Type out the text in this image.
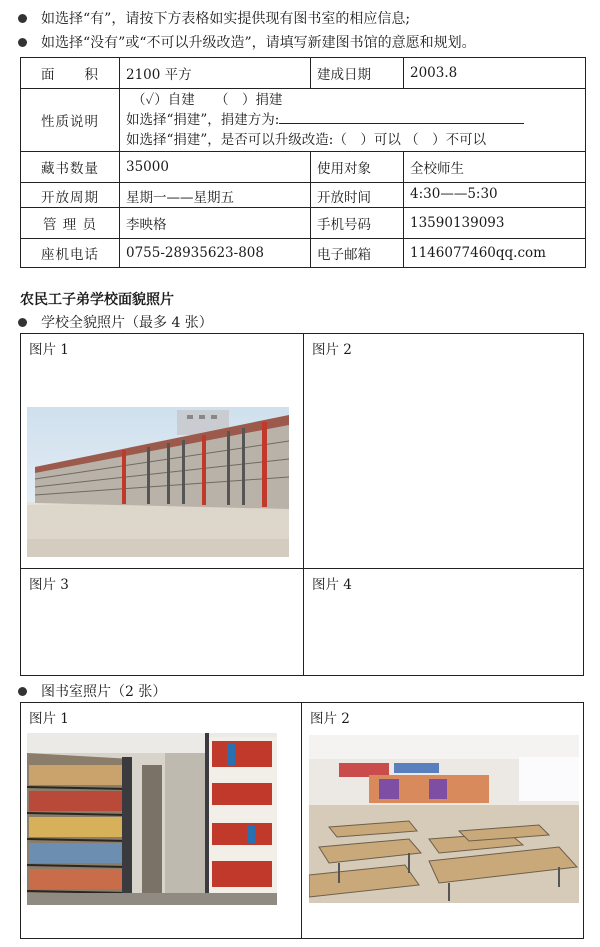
如选择“有”，请按下方表格如实提供现有图书室的相应信息;
如选择“没有”或“不可以升级改造”，请填写新建图书馆的意愿和规划。
面　　积	2100 平方	建成日期	2003.8
性质说明	（✓）自建　　（　）捐建
如选择“捐建”，捐建方为:
如选择“捐建”，是否可以升级改造:（　）可以 （　）不可以		

藏书数量	35000	使用对象	全校师生

开放周期	星期一——星期五	开放时间	4:30——5:30

管 理 员	李映格	手机号码	13590139093
座机电话	0755-28935623-808	电子邮箱	1146077460qq.com
农民工子弟学校面貌照片
学校全貌照片（最多 4 张）
图片 1	图片 2
图片 3	图片 4
图书室照片（2 张）
图片 1	图片 2
